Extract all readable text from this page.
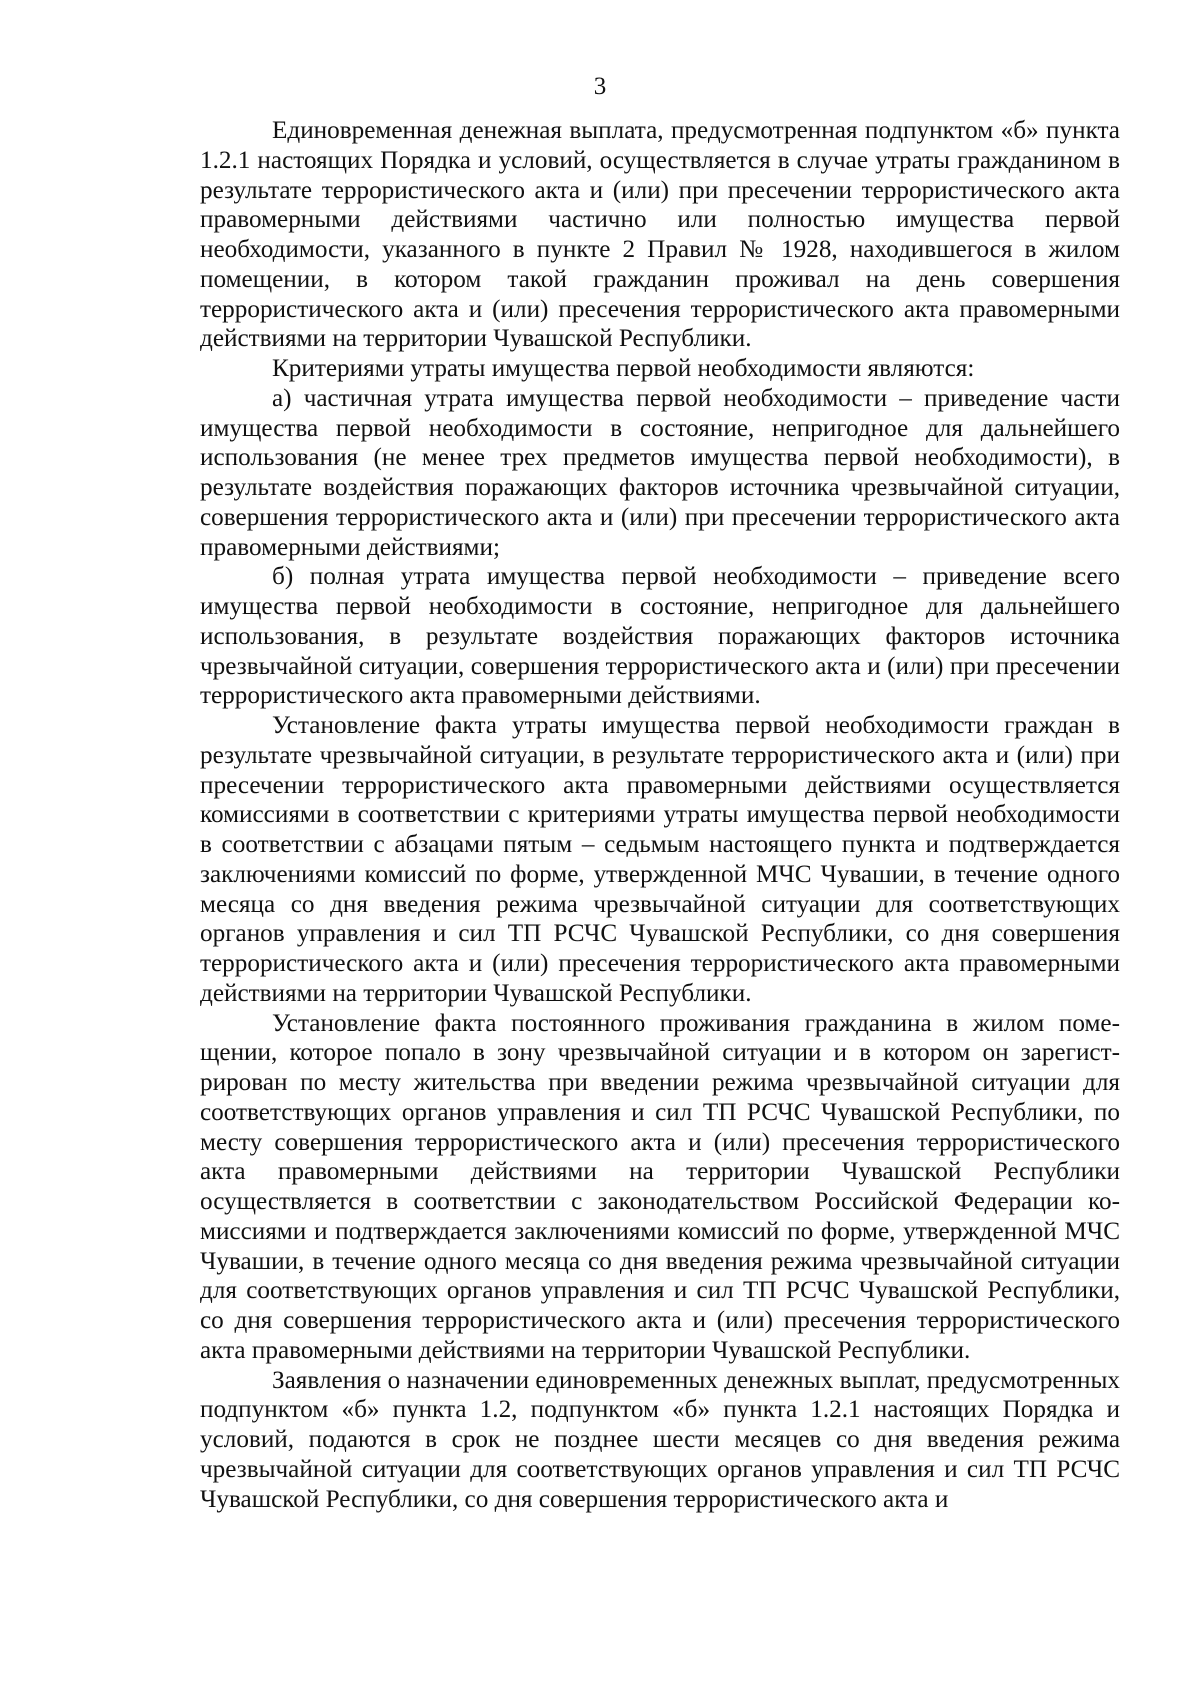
3

Единовременная денежная выплата, предусмотренная подпунктом «б» пункта 1.2.1 настоящих Порядка и условий, осуществляется в случае утраты гражданином в результате террористического акта и (или) при пресечении террористического акта правомерными действиями частично или полностью имущества первой необходимости, указанного в пункте 2 Правил № 1928, находившегося в жилом помещении, в котором такой гражданин проживал на день совершения террористического акта и (или) пресечения террористического акта правомерными действиями на территории Чувашской Республики.

Критериями утраты имущества первой необходимости являются:

а) частичная утрата имущества первой необходимости – приведение части имущества первой необходимости в состояние, непригодное для дальнейшего использования (не менее трех предметов имущества первой необходимости), в результате воздействия поражающих факторов источника чрезвычайной ситуации, совершения террористического акта и (или) при пресечении террористического акта правомерными действиями;

б) полная утрата имущества первой необходимости – приведение всего имущества первой необходимости в состояние, непригодное для дальнейшего использования, в результате воздействия поражающих факторов источника чрезвычайной ситуации, совершения террористического акта и (или) при пресечении террористического акта правомерными действиями.

Установление факта утраты имущества первой необходимости граждан в результате чрезвычайной ситуации, в результате террористического акта и (или) при пресечении террористического акта правомерными действиями осуществляется комиссиями в соответствии с критериями утраты имущества первой необходимости в соответствии с абзацами пятым – седьмым настоящего пункта и подтверждается заключениями комиссий по форме, утвержденной МЧС Чувашии, в течение одного месяца со дня введения режима чрезвычайной ситуации для соответствующих органов управления и сил ТП РСЧС Чувашской Республики, со дня совершения террористического акта и (или) пресечения террористического акта правомерными действиями на территории Чувашской Республики.

Установление факта постоянного проживания гражданина в жилом помещении, которое попало в зону чрезвычайной ситуации и в котором он зарегистрирован по месту жительства при введении режима чрезвычайной ситуации для соответствующих органов управления и сил ТП РСЧС Чувашской Республики, по месту совершения террористического акта и (или) пресечения террористического акта правомерными действиями на территории Чувашской Республики осуществляется в соответствии с законодательством Российской Федерации комиссиями и подтверждается заключениями комиссий по форме, утвержденной МЧС Чувашии, в течение одного месяца со дня введения режима чрезвычайной ситуации для соответствующих органов управления и сил ТП РСЧС Чувашской Республики, со дня совершения террористического акта и (или) пресечения террористического акта правомерными действиями на территории Чувашской Республики.

Заявления о назначении единовременных денежных выплат, предусмотренных подпунктом «б» пункта 1.2, подпунктом «б» пункта 1.2.1 настоящих Порядка и условий, подаются в срок не позднее шести месяцев со дня введения режима чрезвычайной ситуации для соответствующих органов управления и сил ТП РСЧС Чувашской Республики, со дня совершения террористического акта и
